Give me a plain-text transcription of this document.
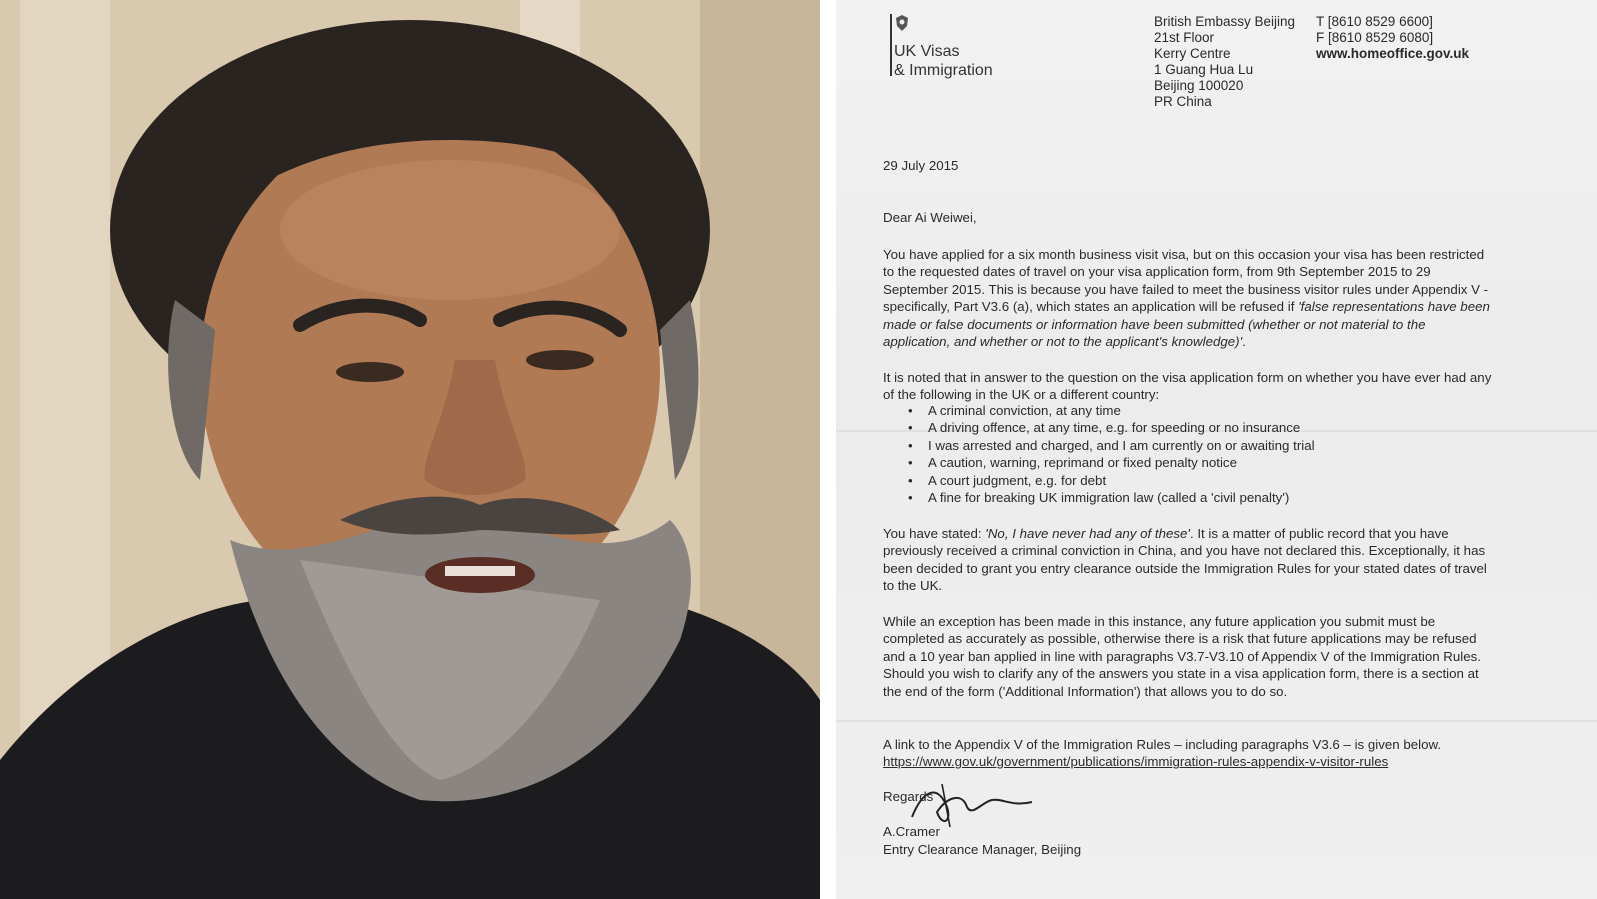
UK Visas
& Immigration
British Embassy Beijing
21st Floor
Kerry Centre
1 Guang Hua Lu
Beijing 100020
PR China
T [8610 8529 6600]
F [8610 8529 6080]
www.homeoffice.gov.uk
29 July 2015
Dear Ai Weiwei,

You have applied for a six month business visit visa, but on this occasion your visa has been restricted to the requested dates of travel on your visa application form, from 9th September 2015 to 29 September 2015. This is because you have failed to meet the business visitor rules under Appendix V - specifically, Part V3.6 (a), which states an application will be refused if 'false representations have been made or false documents or information have been submitted (whether or not material to the application, and whether or not to the applicant's knowledge)'.

It is noted that in answer to the question on the visa application form on whether you have ever had any of the following in the UK or a different country:
• A criminal conviction, at any time
• A driving offence, at any time, e.g. for speeding or no insurance
• I was arrested and charged, and I am currently on or awaiting trial
• A caution, warning, reprimand or fixed penalty notice
• A court judgment, e.g. for debt
• A fine for breaking UK immigration law (called a 'civil penalty')

You have stated: 'No, I have never had any of these'. It is a matter of public record that you have previously received a criminal conviction in China, and you have not declared this. Exceptionally, it has been decided to grant you entry clearance outside the Immigration Rules for your stated dates of travel to the UK.

While an exception has been made in this instance, any future application you submit must be completed as accurately as possible, otherwise there is a risk that future applications may be refused and a 10 year ban applied in line with paragraphs V3.7-V3.10 of Appendix V of the Immigration Rules. Should you wish to clarify any of the answers you state in a visa application form, there is a section at the end of the form ('Additional Information') that allows you to do so.

A link to the Appendix V of the Immigration Rules – including paragraphs V3.6 – is given below.

https://www.gov.uk/government/publications/immigration-rules-appendix-v-visitor-rules

Regards
A.Cramer
Entry Clearance Manager, Beijing
